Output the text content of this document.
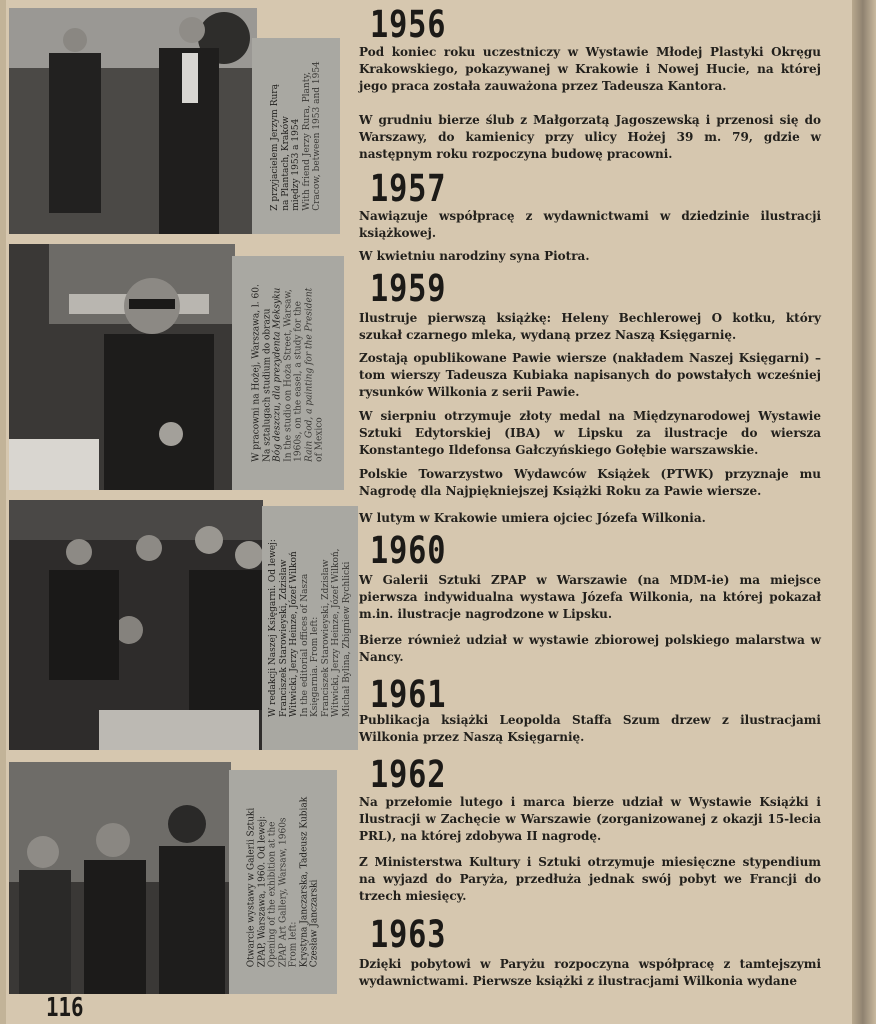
Z przyjacielem Jerzym Rurą na Plantach, Kraków między 1953 a 1954 With friend Jerzy Rura, Planty, Cracow, between 1953 and 1954

W pracowni na Hożej, Warszawa, l. 60. Na sztalugach studium do obrazu Bóg deszczu, dla prezydenta Meksyku In the studio on Hoża Street, Warsaw, 1960s, on the easel, a study for the Rain God, a painting for the President of Mexico

W redakcji Naszej Księgarni. Od lewej: Franciszek Starowieyski, Zdzisław Witwicki, Jerzy Heinze, Józef Wilkoń In the editorial offices of Nasza Księgarnia. From left: Franciszek Starowieyski, Zdzisław Witwicki, Jerzy Heinze, Józef Wilkoń, Michał Bylina, Zbigniew Rychlicki

Otwarcie wystawy w Galerii Sztuki ZPAP, Warszawa, 1960. Od lewej: Opening of the exhibition at the ZPAP Art Gallery, Warsaw, 1960s From left: Krystyna Janczarska, Tadeusz Kubiak Czesław Janczarski

1956

Pod koniec roku uczestniczy w Wystawie Młodej Plastyki Okręgu Krakowskiego, pokazywanej w Krakowie i Nowej Hucie, na której jego praca została zauważona przez Tadeusza Kantora.

W grudniu bierze ślub z Małgorzatą Jagoszewską i przenosi się do Warszawy, do kamienicy przy ulicy Hożej 39 m. 79, gdzie w następnym roku rozpoczyna budowę pracowni.

1957

Nawiązuje współpracę z wydawnictwami w dziedzinie ilustracji książkowej.

W kwietniu narodziny syna Piotra.

1959

Ilustruje pierwszą książkę: Heleny Bechlerowej O kotku, który szukał czarnego mleka, wydaną przez Naszą Księgarnię.

Zostają opublikowane Pawie wiersze (nakładem Naszej Księgarni) – tom wierszy Tadeusza Kubiaka napisanych do powstałych wcześniej rysunków Wilkonia z serii Pawie.

W sierpniu otrzymuje złoty medal na Międzynarodowej Wystawie Sztuki Edytorskiej (IBA) w Lipsku za ilustracje do wiersza Konstantego Ildefonsa Gałczyńskiego Gołębie warszawskie.

Polskie Towarzystwo Wydawców Książek (PTWK) przyznaje mu Nagrodę dla Najpiękniejszej Książki Roku za Pawie wiersze.

W lutym w Krakowie umiera ojciec Józefa Wilkonia.

1960

W Galerii Sztuki ZPAP w Warszawie (na MDM-ie) ma miejsce pierwsza indywidualna wystawa Józefa Wilkonia, na której pokazał m.in. ilustracje nagrodzone w Lipsku.

Bierze również udział w wystawie zbiorowej polskiego malarstwa w Nancy.

1961

Publikacja książki Leopolda Staffa Szum drzew z ilustracjami Wilkonia przez Naszą Księgarnię.

1962

Na przełomie lutego i marca bierze udział w Wystawie Książki i Ilustracji w Zachęcie w Warszawie (zorganizowanej z okazji 15-lecia PRL), na której zdobywa II nagrodę.

Z Ministerstwa Kultury i Sztuki otrzymuje miesięczne stypendium na wyjazd do Paryża, przedłuża jednak swój pobyt we Francji do trzech miesięcy.

1963

Dzięki pobytowi w Paryżu rozpoczyna współpracę z tamtejszymi wydawnictwami. Pierwsze książki z ilustracjami Wilkonia wydane

116
